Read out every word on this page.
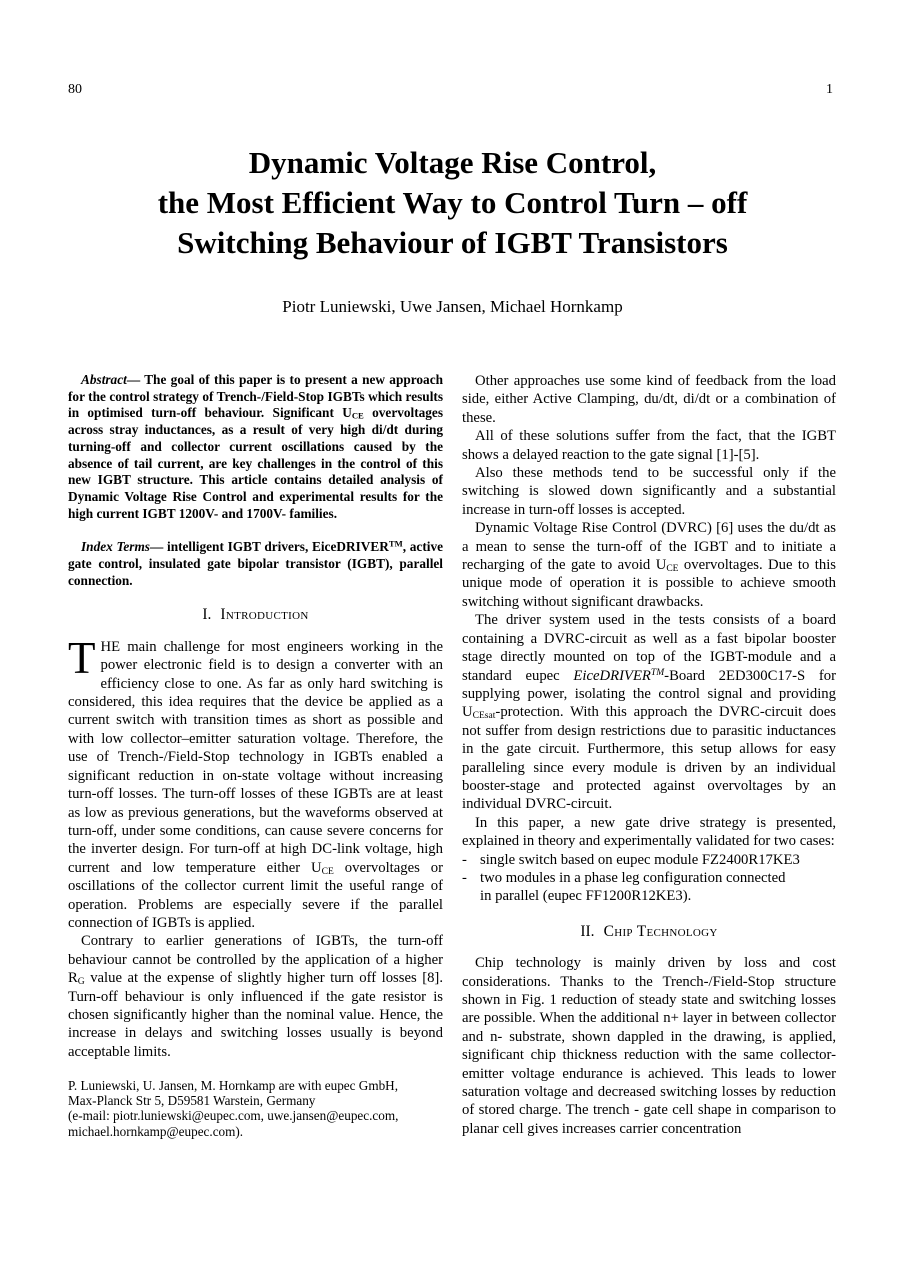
80	1
Dynamic Voltage Rise Control,
the Most Efficient Way to Control Turn – off
Switching Behaviour of IGBT Transistors
Piotr Luniewski, Uwe Jansen, Michael Hornkamp

Abstract— The goal of this paper is to present a new approach for the control strategy of Trench-/Field-Stop IGBTs which results in optimised turn-off behaviour. Significant $U_{CE}$ overvoltages across stray inductances, as a result of very high di/dt during turning-off and collector current oscillations caused by the absence of tail current, are key challenges in the control of this new IGBT structure. This article contains detailed analysis of Dynamic Voltage Rise Control and experimental results for the high current IGBT 1200V- and 1700V- families.

Index Terms— intelligent IGBT drivers, EiceDRIVER™, active gate control, insulated gate bipolar transistor (IGBT), parallel connection.

I. Introduction

THE main challenge for most engineers working in the power electronic field is to design a converter with an efficiency close to one. As far as only hard switching is considered, this idea requires that the device be applied as a current switch with transition times as short as possible and with low collector–emitter saturation voltage. Therefore, the use of Trench-/Field-Stop technology in IGBTs enabled a significant reduction in on-state voltage without increasing turn-off losses. The turn-off losses of these IGBTs are at least as low as previous generations, but the waveforms observed at turn-off, under some conditions, can cause severe concerns for the inverter design. For turn-off at high DC-link voltage, high current and low temperature either $U_{CE}$ overvoltages or oscillations of the collector current limit the useful range of operation. Problems are especially severe if the parallel connection of IGBTs is applied.

Contrary to earlier generations of IGBTs, the turn-off behaviour cannot be controlled by the application of a higher $R_G$ value at the expense of slightly higher turn off losses [8]. Turn-off behaviour is only influenced if the gate resistor is chosen significantly higher than the nominal value. Hence, the increase in delays and switching losses usually is beyond acceptable limits.

P. Luniewski, U. Jansen, M. Hornkamp are with eupec GmbH,
Max-Planck Str 5, D59581 Warstein, Germany
(e-mail: piotr.luniewski@eupec.com, uwe.jansen@eupec.com,
michael.hornkamp@eupec.com).

Other approaches use some kind of feedback from the load side, either Active Clamping, du/dt, di/dt or a combination of these.

All of these solutions suffer from the fact, that the IGBT shows a delayed reaction to the gate signal [1]-[5].

Also these methods tend to be successful only if the switching is slowed down significantly and a substantial increase in turn-off losses is accepted.

Dynamic Voltage Rise Control (DVRC) [6] uses the du/dt as a mean to sense the turn-off of the IGBT and to initiate a recharging of the gate to avoid $U_{CE}$ overvoltages. Due to this unique mode of operation it is possible to achieve smooth switching without significant drawbacks.

The driver system used in the tests consists of a board containing a DVRC-circuit as well as a fast bipolar booster stage directly mounted on top of the IGBT-module and a standard eupec EiceDRIVER™-Board 2ED300C17-S for supplying power, isolating the control signal and providing $U_{CEsat}$-protection. With this approach the DVRC-circuit does not suffer from design restrictions due to parasitic inductances in the gate circuit. Furthermore, this setup allows for easy paralleling since every module is driven by an individual booster-stage and protected against overvoltages by an individual DVRC-circuit.

In this paper, a new gate drive strategy is presented, explained in theory and experimentally validated for two cases:

- single switch based on eupec module FZ2400R17KE3
- two modules in a phase leg configuration connected
in parallel (eupec FF1200R12KE3).
II. Chip Technology

Chip technology is mainly driven by loss and cost considerations. Thanks to the Trench-/Field-Stop structure shown in Fig. 1 reduction of steady state and switching losses are possible. When the additional n+ layer in between collector and n- substrate, shown dappled in the drawing, is applied, significant chip thickness reduction with the same collector-emitter voltage endurance is achieved. This leads to lower saturation voltage and decreased switching losses by reduction of stored charge. The trench - gate cell shape in comparison to planar cell gives increases carrier concentration
